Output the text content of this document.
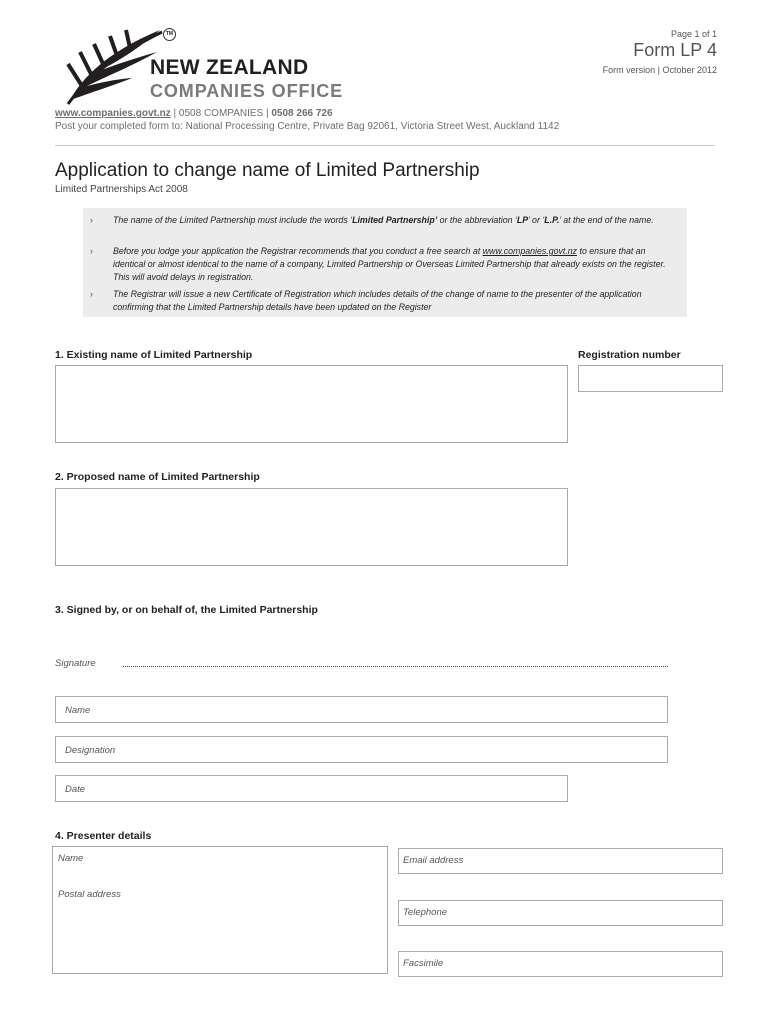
TM
NEW ZEALAND
COMPANIES OFFICE
Page 1 of 1
Form LP 4
Form version | October 2012
www.companies.govt.nz | 0508 COMPANIES | 0508 266 726
Post your completed form to: National Processing Centre, Private Bag 92061, Victoria Street West, Auckland 1142
Application to change name of Limited Partnership
Limited Partnerships Act 2008
› The name of the Limited Partnership must include the words ‘Limited Partnership’ or the abbreviation ‘LP’ or ‘L.P.’ at the end of the name.
› Before you lodge your application the Registrar recommends that you conduct a free search at www.companies.govt.nz to ensure that an identical or almost identical to the name of a company, Limited Partnership or Overseas Limited Partnership that already exists on the register. This will avoid delays in registration.
› The Registrar will issue a new Certificate of Registration which includes details of the change of name to the presenter of the application confirming that the Limited Partnership details have been updated on the Register
1. Existing name of Limited Partnership	Registration number
2. Proposed name of Limited Partnership
3. Signed by, or on behalf of, the Limited Partnership
Signature
Name
Designation
Date
4. Presenter details
Name
Postal address
Email address
Telephone
Facsimile
